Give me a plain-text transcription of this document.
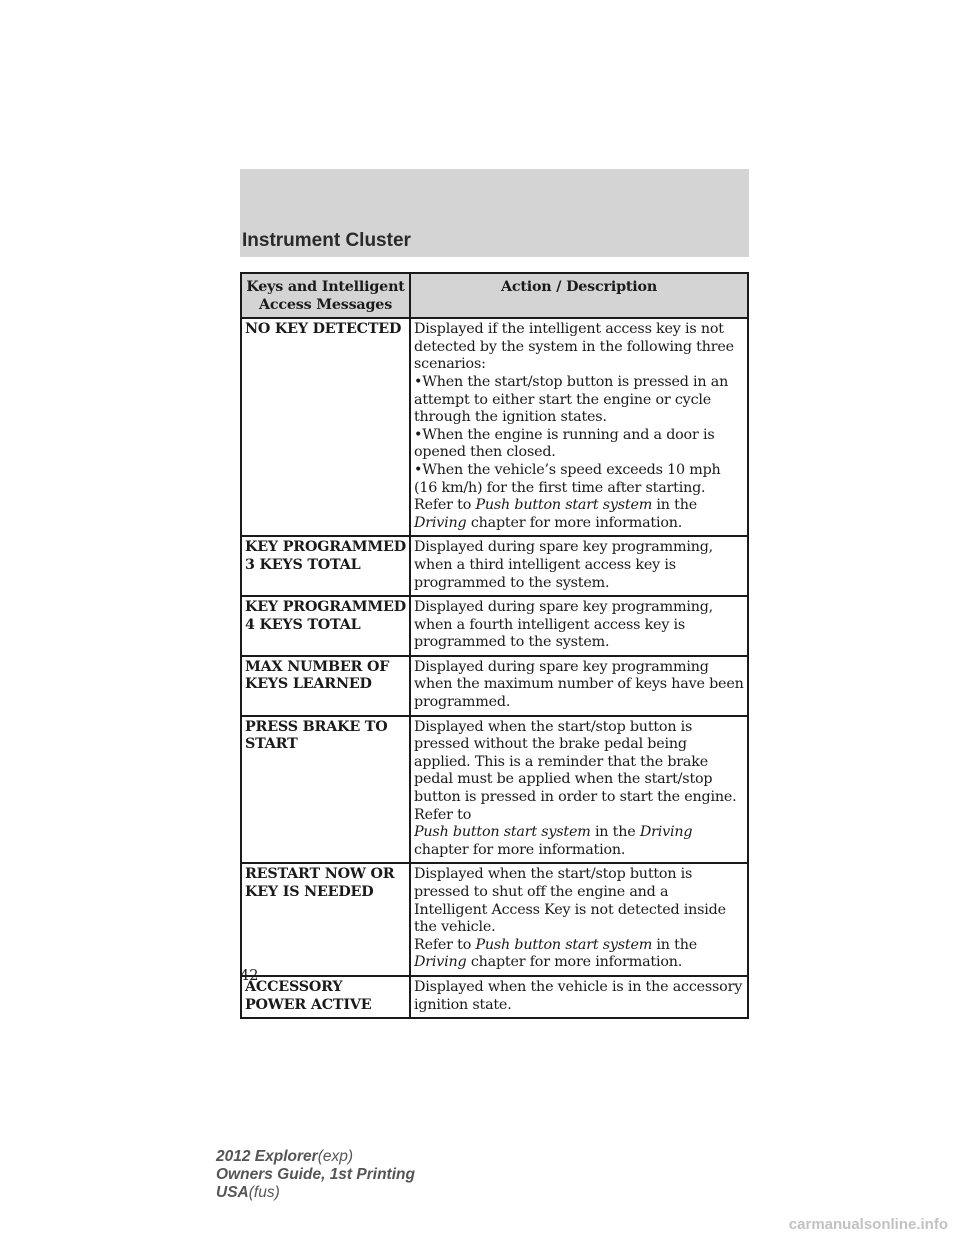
Instrument Cluster
Keys and Intelligent Access Messages	Action / Description

NO KEY DETECTED	Displayed if the intelligent access key is not detected by the system in the following three scenarios:
•When the start/stop button is pressed in an attempt to either start the engine or cycle through the ignition states.
•When the engine is running and a door is opened then closed.
•When the vehicle’s speed exceeds 10 mph (16 km/h) for the first time after starting.
Refer to Push button start system in the Driving chapter for more information.

KEY PROGRAMMED
3 KEYS TOTAL	Displayed during spare key programming, when a third intelligent access key is programmed to the system.

KEY PROGRAMMED
4 KEYS TOTAL	Displayed during spare key programming, when a fourth intelligent access key is programmed to the system.

MAX NUMBER OF
KEYS LEARNED	Displayed during spare key programming when the maximum number of keys have been programmed.

PRESS BRAKE TO
START	Displayed when the start/stop button is pressed without the brake pedal being applied. This is a reminder that the brake pedal must be applied when the start/stop button is pressed in order to start the engine. Refer to
Push button start system in the Driving chapter for more information.

RESTART NOW OR
KEY IS NEEDED	Displayed when the start/stop button is pressed to shut off the engine and a Intelligent Access Key is not detected inside the vehicle.
Refer to Push button start system in the Driving chapter for more information.

ACCESSORY
POWER ACTIVE	Displayed when the vehicle is in the accessory ignition state.
42
2012 Explorer(exp)
Owners Guide, 1st Printing
USA(fus)
carmanualsonline.info
